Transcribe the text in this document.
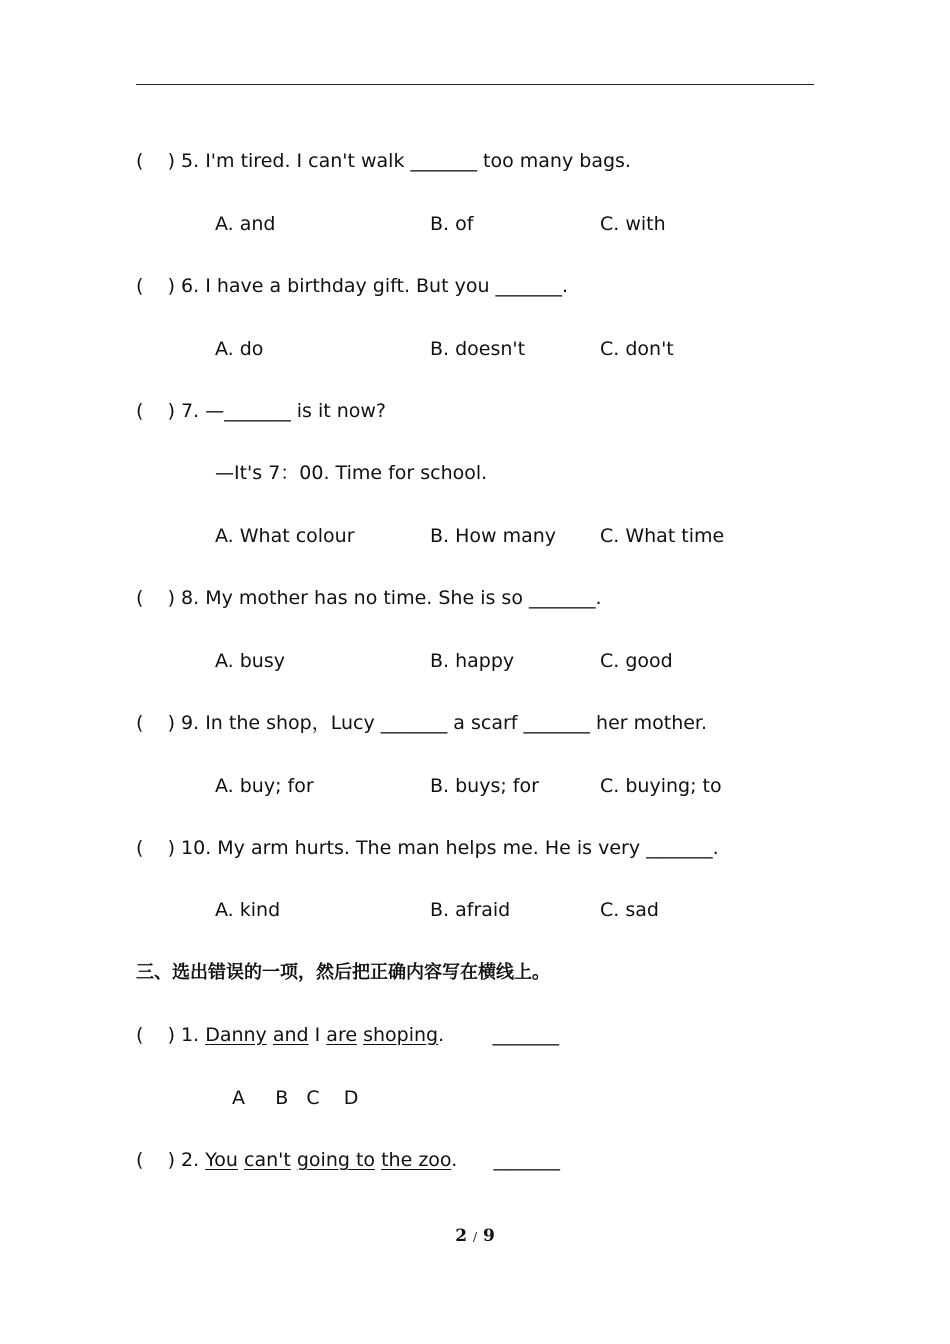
(    ) 5. I'm tired. I can't walk _______ too many bags.
A. and	B. of	C. with
(    ) 6. I have a birthday gift. But you _______.
A. do	B. doesn't	C. don't
(    ) 7. —_______ is it now?
—It's 7：00. Time for school.
A. What colour	B. How many C. What time
(    ) 8. My mother has no time. She is so _______.
A. busy	B. happy	C. good
(    ) 9. In the shop，Lucy _______ a scarf _______ her mother.
A. buy; for	B. buys; for	C. buying; to
(    ) 10. My arm hurts. The man helps me. He is very _______.
A. kind	B. afraid	C. sad
三、选出错误的一项，然后把正确内容写在横线上。
(    ) 1. Danny and I are shoping.	_______
A     B   C    D
(    ) 2. You can't going to the zoo. _______
2 / 9
